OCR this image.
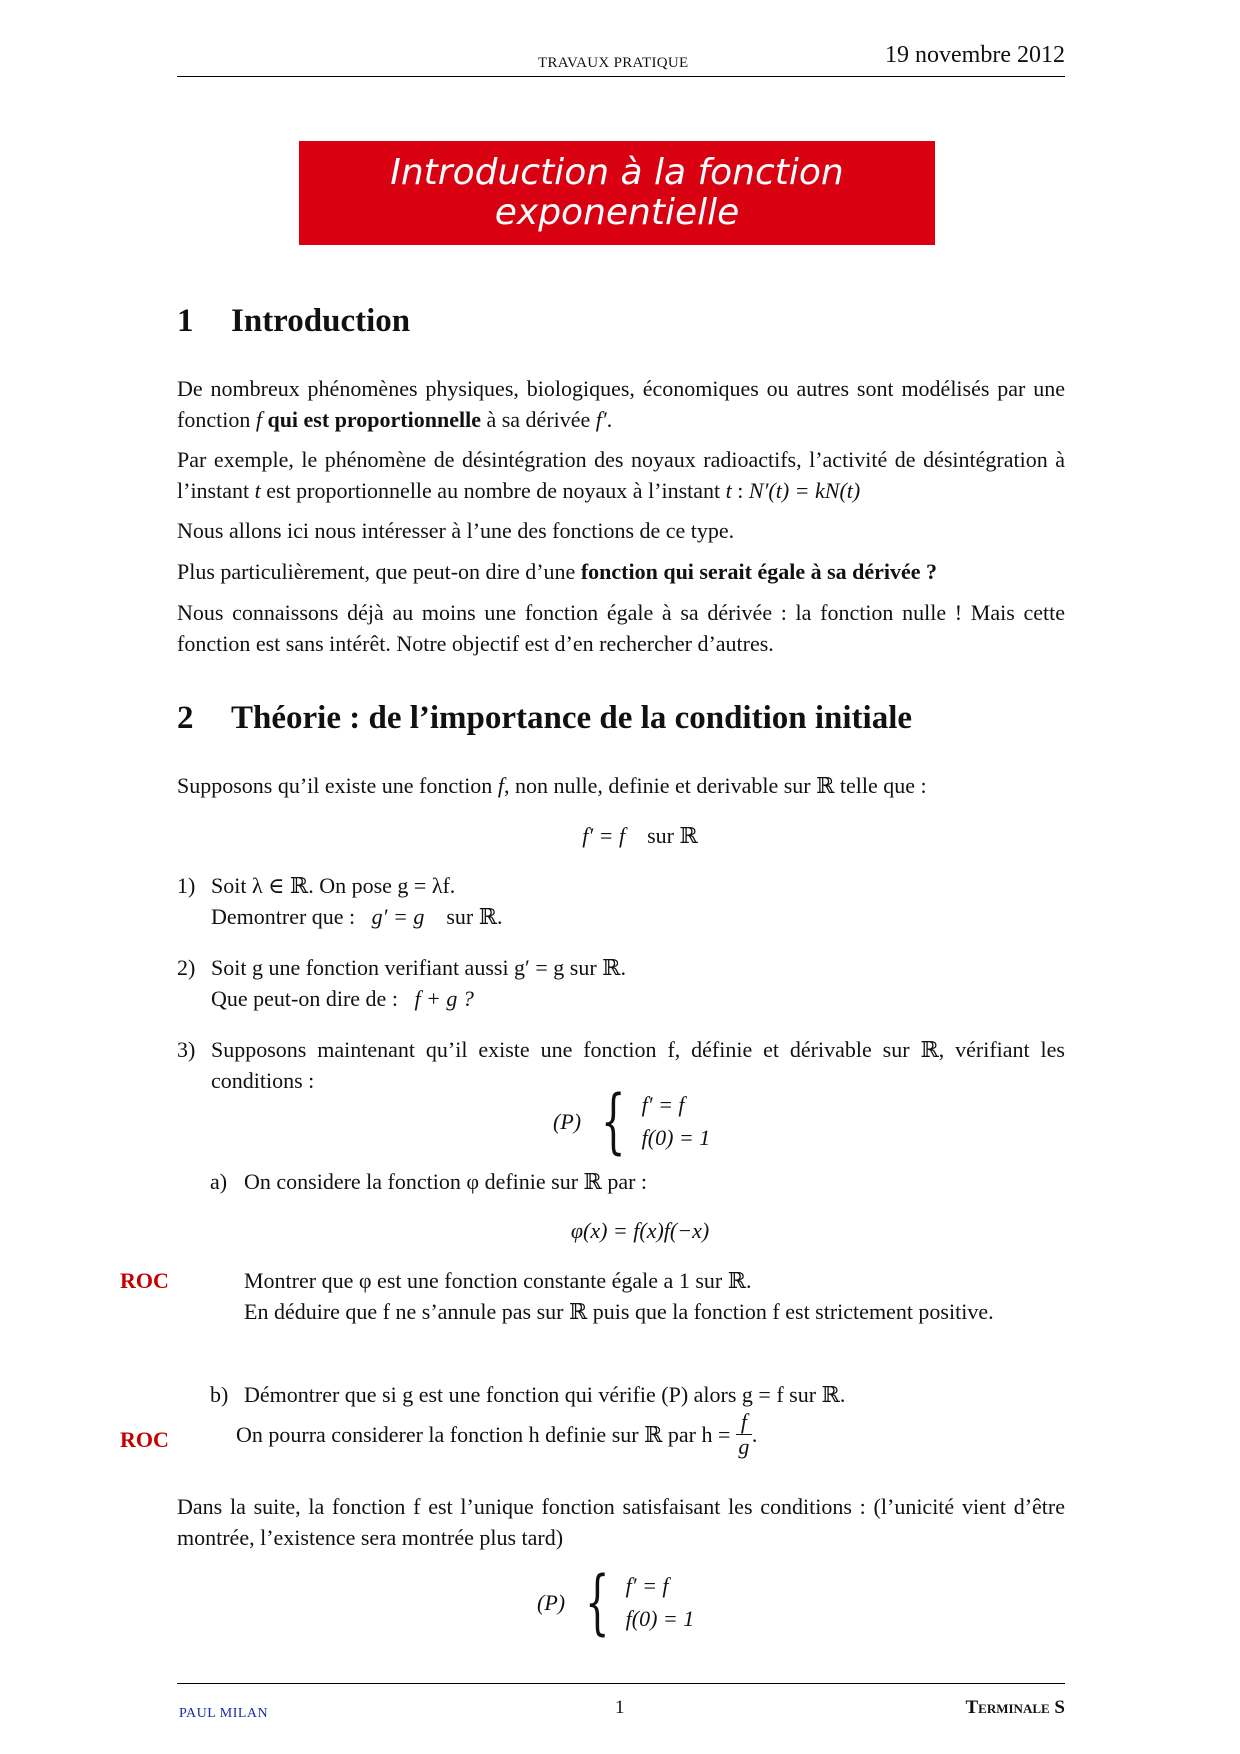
TRAVAUX PRATIQUE	19 novembre 2012
Introduction à la fonction
exponentielle
1 Introduction

De nombreux phénomènes physiques, biologiques, économiques ou autres sont modélisés par une fonction f qui est proportionnelle à sa dérivée f′.

Par exemple, le phénomène de désintégration des noyaux radioactifs, l’activité de désintégration à l’instant t est proportionnelle au nombre de noyaux à l’instant t : N′(t) = kN(t)

Nous allons ici nous intéresser à l’une des fonctions de ce type.

Plus particulièrement, que peut-on dire d’une fonction qui serait égale à sa dérivée ?

Nous connaissons déjà au moins une fonction égale à sa dérivée : la fonction nulle ! Mais cette fonction est sans intérêt. Notre objectif est d’en rechercher d’autres.

2 Théorie : de l’importance de la condition initiale

Supposons qu’il existe une fonction f, non nulle, definie et derivable sur ℝ telle que :

f′ = f sur ℝ
1) Soit λ ∈ ℝ. On pose g = λf.
Demontrer que :   g′ = g sur ℝ.
2) Soit g une fonction verifiant aussi g′ = g sur ℝ.
Que peut-on dire de :   f + g ?
3) Supposons maintenant qu’il existe une fonction f, définie et dérivable sur ℝ, vérifiant les conditions :
(P) { f′ = f
f(0) = 1
a) On considere la fonction φ definie sur ℝ par :
φ(x) = f(x)f(−x)
ROC	Montrer que φ est une fonction constante égale a 1 sur ℝ.
En déduire que f ne s’annule pas sur ℝ puis que la fonction f est strictement positive.
b) Démontrer que si g est une fonction qui vérifie (P) alors g = f sur ℝ.
ROC	On pourra considerer la fonction h definie sur ℝ par h =
$\frac{f}{g}$ .

Dans la suite, la fonction f est l’unique fonction satisfaisant les conditions : (l’unicité vient d’être montrée, l’existence sera montrée plus tard)

(P) { f′ = f
f(0) = 1
PAUL MILAN	1	Terminale S
